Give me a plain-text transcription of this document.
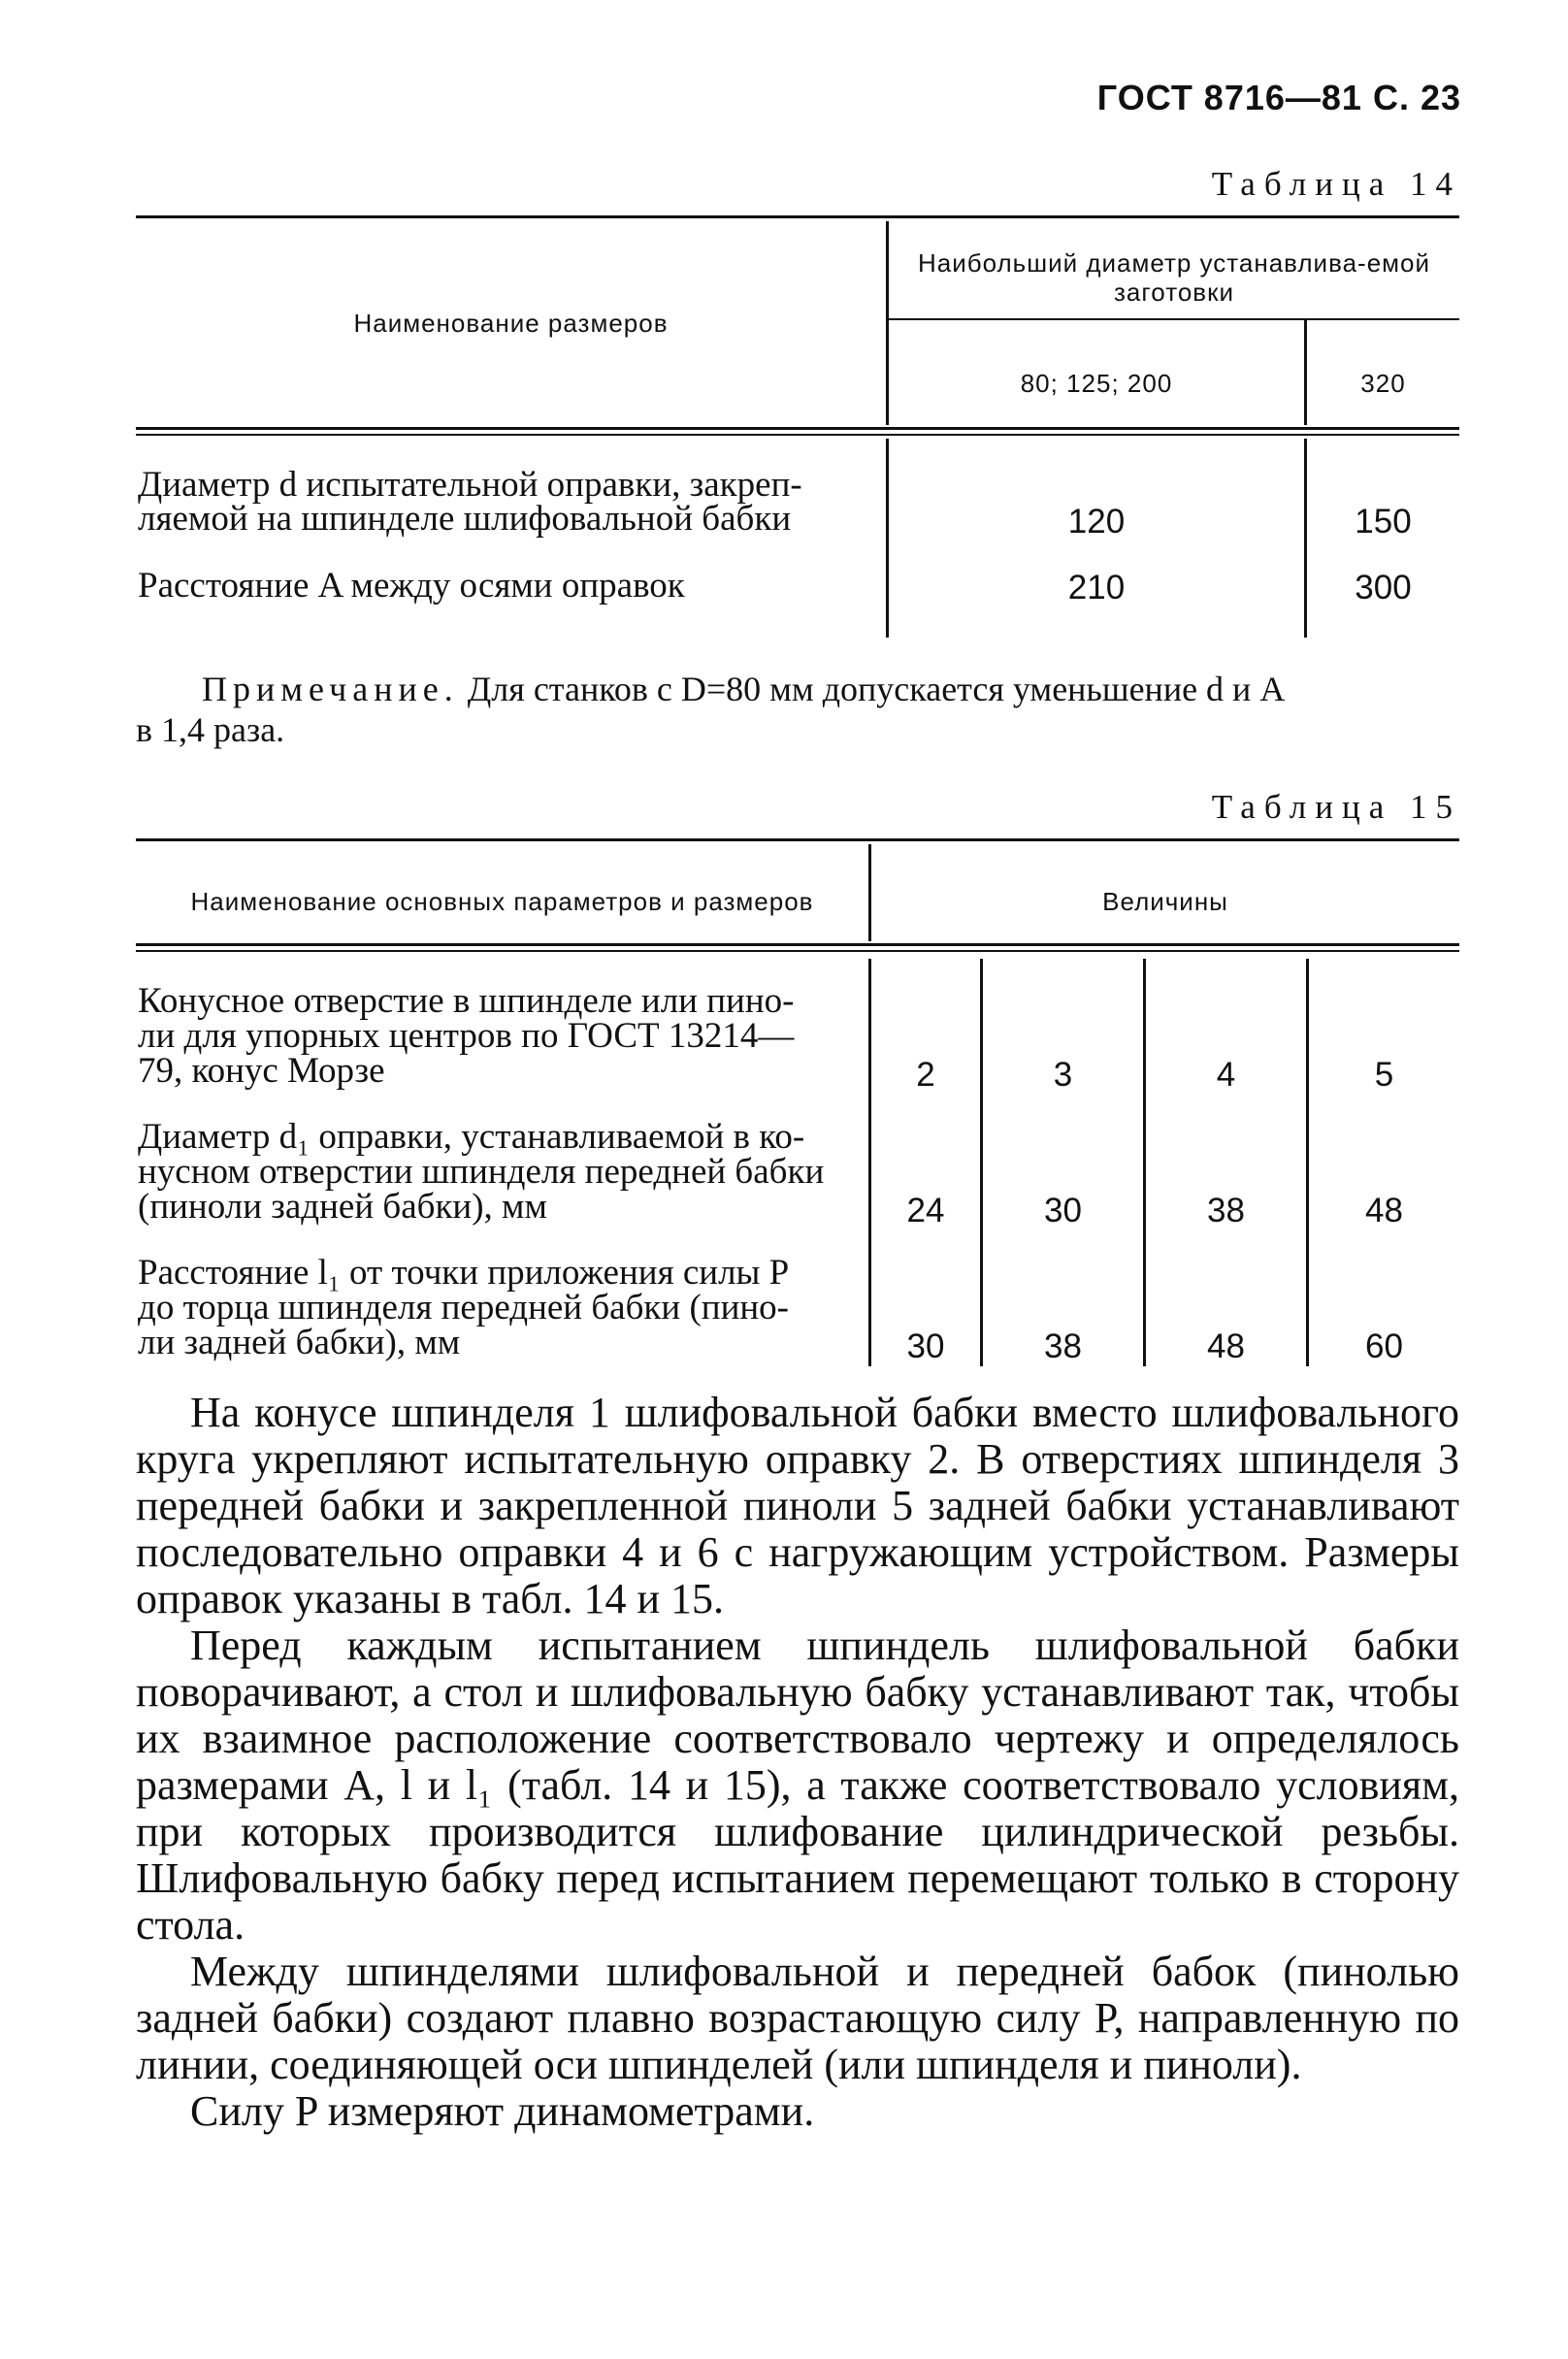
ГОСТ 8716—81 С. 23
Таблица 14
Наименование размеров
Наибольший диаметр устанавлива-емой заготовки
80; 125; 200	320
Диаметр d испытательной оправки, закреп-
ляемой на шпинделе шлифовальной бабки	120	150
Расстояние A между осями оправок	210	300
Примечание. Для станков с D=80 мм допускается уменьшение d и A
в 1,4 раза.
Таблица 15
Наименование основных параметров и размеров	Величины
Конусное отверстие в шпинделе или пино-
ли для упорных центров по ГОСТ 13214—
79, конус Морзе	2	3	4	5
Диаметр d₁ оправки, устанавливаемой в ко-
нусном отверстии шпинделя передней бабки
(пиноли задней бабки), мм	24	30	38	48
Расстояние l₁ от точки приложения силы P
до торца шпинделя передней бабки (пино-
ли задней бабки), мм	30	38	48	60

На конусе шпинделя 1 шлифовальной бабки вместо шлифовального круга укрепляют испытательную оправку 2. В отверстиях шпинделя 3 передней бабки и закрепленной пиноли 5 задней бабки устанавливают последовательно оправки 4 и 6 с нагружающим устройством. Размеры оправок указаны в табл. 14 и 15.

Перед каждым испытанием шпиндель шлифовальной бабки поворачивают, а стол и шлифовальную бабку устанавливают так, чтобы их взаимное расположение соответствовало чертежу и определялось размерами A, l и l₁ (табл. 14 и 15), а также соответствовало условиям, при которых производится шлифование цилиндрической резьбы. Шлифовальную бабку перед испытанием перемещают только в сторону стола.

Между шпинделями шлифовальной и передней бабок (пинолью задней бабки) создают плавно возрастающую силу P, направленную по линии, соединяющей оси шпинделей (или шпинделя и пиноли).

Силу P измеряют динамометрами.
